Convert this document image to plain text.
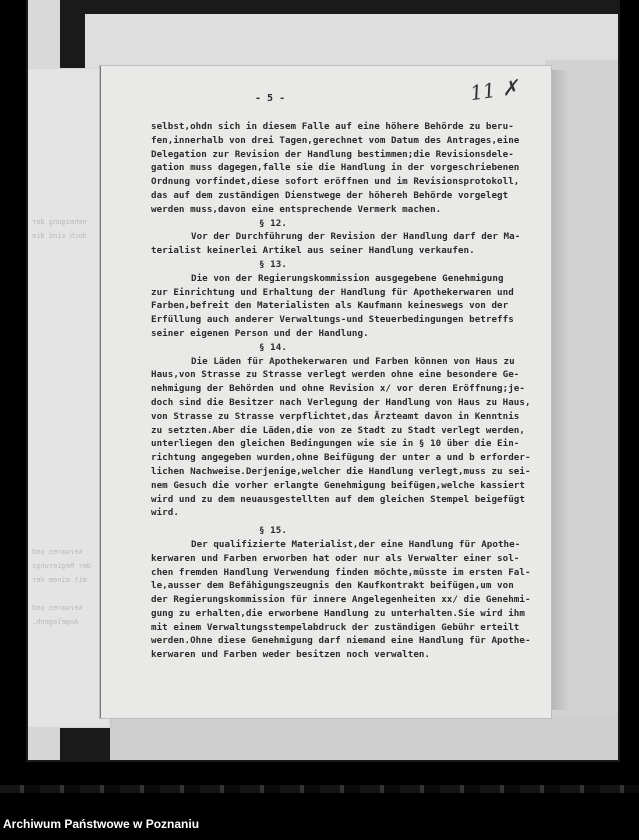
nehmigung der
doch sind die
kerwaren und
der Regierungs
mit einem Ver
kerwaren und
Angelegenh.
- 5 -	11 ✗

selbst,ohdn sich in diesem Falle auf eine höhere Behörde zu beru-

fen,innerhalb von drei Tagen,gerechnet vom Datum des Antrages,eine

Delegation zur Revision der Handlung bestimmen;die Revisionsdele-

gation muss dagegen,falle sie die Handlung in der vorgeschriebenen

Ordnung vorfindet,diese sofort eröffnen und im Revisionsprotokoll,

das auf dem zuständigen Dienstwege der höhereh Behörde vorgelegt

werden muss,davon eine entsprechende Vermerk machen.

§ 12.

Vor der Durchführung der Revision der Handlung darf der Ma-

terialist keinerlei Artikel aus seiner Handlung verkaufen.

§ 13.

Die von der Regierungskommission ausgegebene Genehmigung

zur Einrichtung und Erhaltung der Handlung für Apothekerwaren und

Farben,befreit den Materialisten als Kaufmann keineswegs von der

Erfüllung auch anderer Verwaltungs-und Steuerbedingungen betreffs

seiner eigenen Person und der Handlung.

§ 14.

Die Läden für Apothekerwaren und Farben können von Haus zu

Haus,von Strasse zu Strasse verlegt werden ohne eine besondere Ge-

nehmigung der Behörden und ohne Revision x/ vor deren Eröffnung;je-

doch sind die Besitzer nach Verlegung der Handlung von Haus zu Haus,

von Strasse zu Strasse verpflichtet,das Ärzteamt davon in Kenntnis

zu setzten.Aber die Läden,die von ze Stadt zu Stadt verlegt werden,

unterliegen den gleichen Bedingungen wie sie in § 10 über die Ein-

richtung angegeben wurden,ohne Beifügung der unter a und b erforder-

lichen Nachweise.Derjenige,welcher die Handlung verlegt,muss zu sei-

nem Gesuch die vorher erlangte Genehmigung beifügen,welche kassiert

wird und zu dem neuausgestellten auf dem gleichen Stempel beigefügt

wird.

§ 15.

Der qualifizierte Materialist,der eine Handlung für Apothe-

kerwaren und Farben erworben hat oder nur als Verwalter einer sol-

chen fremden Handlung Verwendung finden möchte,müsste im ersten Fal-

le,ausser dem Befähigungszeugnis den Kaufkontrakt beifügen,um von

der Regierungskommission für innere Angelegenheiten xx/ die Genehmi-

gung zu erhalten,die erworbene Handlung zu unterhalten.Sie wird ihm

mit einem Verwaltungsstempelabdruck der zuständigen Gebühr erteilt

werden.Ohne diese Genehmigung darf niemand eine Handlung für Apothe-

kerwaren und Farben weder besitzen noch verwalten.

Archiwum Państwowe w Poznaniu
